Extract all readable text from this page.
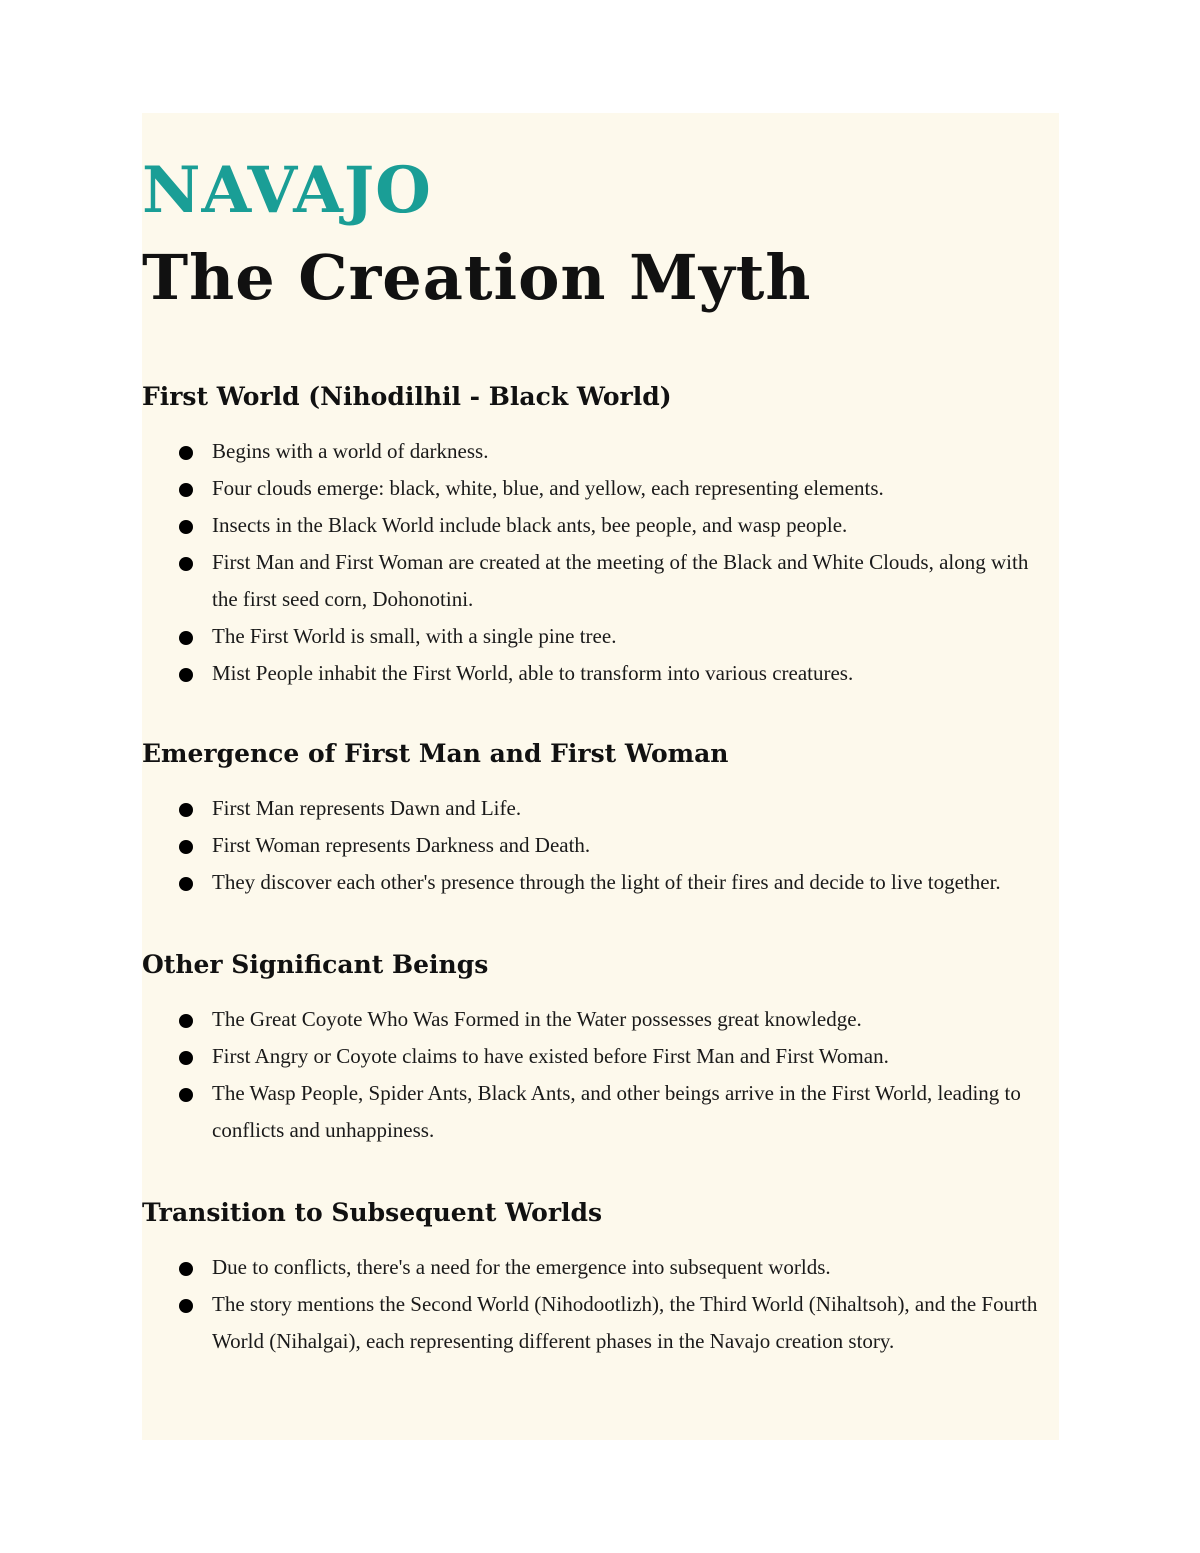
NAVAJO
The Creation Myth
First World (Nihodilhil - Black World)
Begins with a world of darkness.
Four clouds emerge: black, white, blue, and yellow, each representing elements.
Insects in the Black World include black ants, bee people, and wasp people.
First Man and First Woman are created at the meeting of the Black and White Clouds, along with the first seed corn, Dohonotini.
The First World is small, with a single pine tree.
Mist People inhabit the First World, able to transform into various creatures.
Emergence of First Man and First Woman
First Man represents Dawn and Life.
First Woman represents Darkness and Death.
They discover each other's presence through the light of their fires and decide to live together.
Other Significant Beings
The Great Coyote Who Was Formed in the Water possesses great knowledge.
First Angry or Coyote claims to have existed before First Man and First Woman.
The Wasp People, Spider Ants, Black Ants, and other beings arrive in the First World, leading to conflicts and unhappiness.
Transition to Subsequent Worlds
Due to conflicts, there's a need for the emergence into subsequent worlds.
The story mentions the Second World (Nihodootlizh), the Third World (Nihaltsoh), and the Fourth World (Nihalgai), each representing different phases in the Navajo creation story.
